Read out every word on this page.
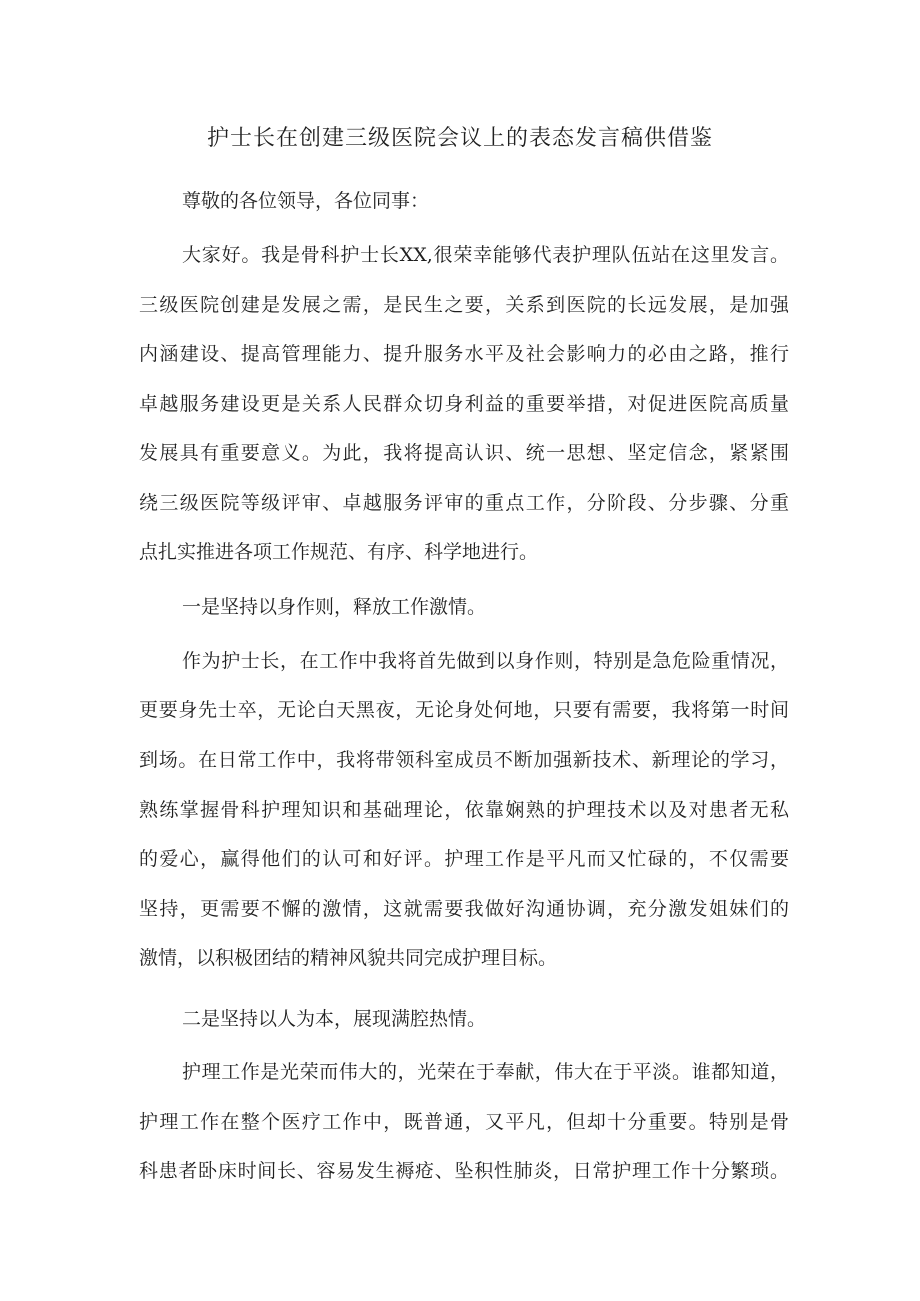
护士长在创建三级医院会议上的表态发言稿供借鉴
尊敬的各位领导，各位同事：
大家好。我是骨科护士长XX,很荣幸能够代表护理队伍站在这里发言。
三级医院创建是发展之需，是民生之要，关系到医院的长远发展，是加强
内涵建设、提高管理能力、提升服务水平及社会影响力的必由之路，推行
卓越服务建设更是关系人民群众切身利益的重要举措，对促进医院高质量
发展具有重要意义。为此，我将提高认识、统一思想、坚定信念，紧紧围
绕三级医院等级评审、卓越服务评审的重点工作，分阶段、分步骤、分重
点扎实推进各项工作规范、有序、科学地进行。
一是坚持以身作则，释放工作激情。
作为护士长，在工作中我将首先做到以身作则，特别是急危险重情况，
更要身先士卒，无论白天黑夜，无论身处何地，只要有需要，我将第一时间
到场。在日常工作中，我将带领科室成员不断加强新技术、新理论的学习，
熟练掌握骨科护理知识和基础理论，依靠娴熟的护理技术以及对患者无私
的爱心，赢得他们的认可和好评。护理工作是平凡而又忙碌的，不仅需要
坚持，更需要不懈的激情，这就需要我做好沟通协调，充分激发姐妹们的
激情，以积极团结的精神风貌共同完成护理目标。
二是坚持以人为本，展现满腔热情。
护理工作是光荣而伟大的，光荣在于奉献，伟大在于平淡。谁都知道，
护理工作在整个医疗工作中，既普通，又平凡，但却十分重要。特别是骨
科患者卧床时间长、容易发生褥疮、坠积性肺炎，日常护理工作十分繁琐。
